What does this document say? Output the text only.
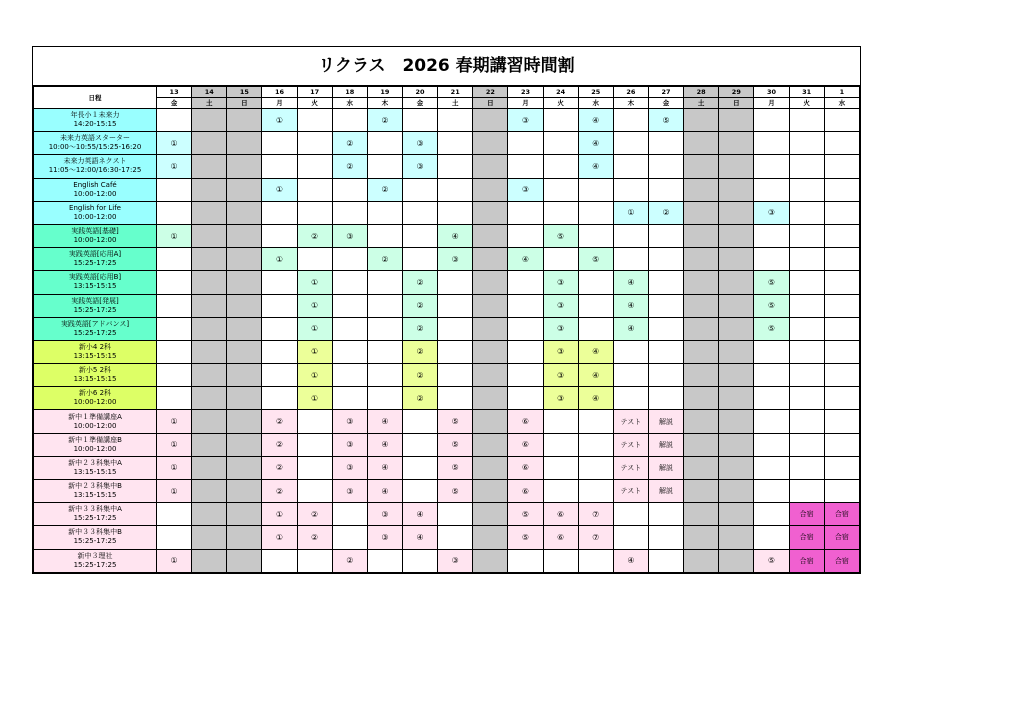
リクラス　2026 春期講習時間割
日程	13	14	15	16	17	18	19	20	21	22	23	24	25	26	27	28	29	30	31	1
	金	土	日	月	火	水	木	金	土	日	月	火	水	木	金	土	日	月	火	水

年長小１未来力
14:20-15:15				①			②				③		④		⑤					

未来力英語スターター
10:00～10:55/15:25-16:20	①					②		③					④							

未来力英語ネクスト
11:05～12:00/16:30-17:25	①					②		③					④							

English Café
10:00-12:00				①			②				③									

English for Life
10:00-12:00														①	②			③		

実践英語[基礎]
10:00-12:00	①				②	③			④			⑤								

実践英語[応用A]
15:25-17:25				①			②		③		④		⑤							

実践英語[応用B]
13:15-15:15					①			②				③		④				⑤		

実践英語[発展]
15:25-17:25					①			②				③		④				⑤		

実践英語[アドバンス]
15:25-17:25					①			②				③		④				⑤		

新小4 2科
13:15-15:15					①			②				③	④							

新小5 2科
13:15-15:15					①			②				③	④							

新小6 2科
10:00-12:00					①			②				③	④							

新中１準備講座A
10:00-12:00	①			②		③	④		⑤		⑥			テスト	解説					

新中１準備講座B
10:00-12:00	①			②		③	④		⑤		⑥			テスト	解説					

新中２３科集中A
13:15-15:15	①			②		③	④		⑤		⑥			テスト	解説					

新中２３科集中B
13:15-15:15	①			②		③	④		⑤		⑥			テスト	解説					

新中３３科集中A
15:25-17:25				①	②		③	④			⑤	⑥	⑦						合宿	合宿

新中３３科集中B
15:25-17:25				①	②		③	④			⑤	⑥	⑦						合宿	合宿

新中３理社
15:25-17:25	①					②			③					④				⑤	合宿	合宿
